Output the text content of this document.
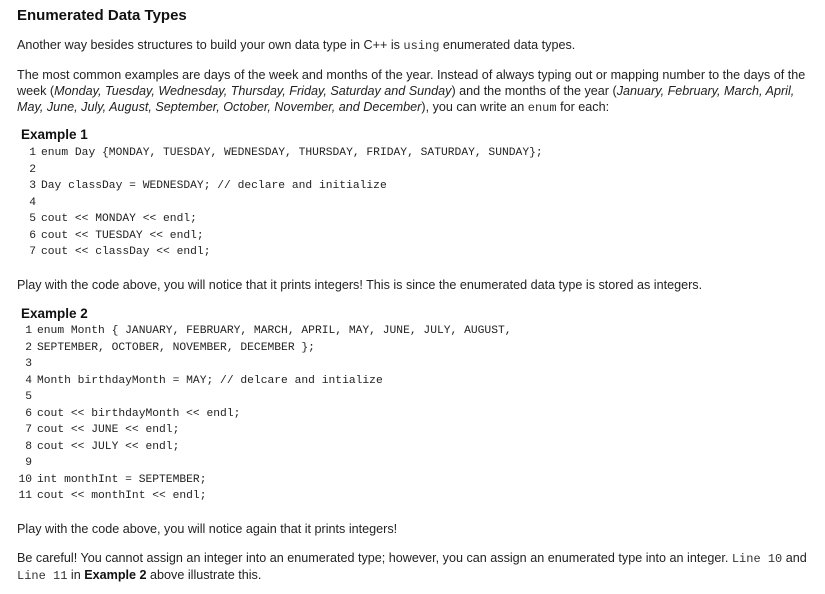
Enumerated Data Types

Another way besides structures to build your own data type in C++ is using enumerated data types.

The most common examples are days of the week and months of the year. Instead of always typing out or mapping number to the days of the week (Monday, Tuesday, Wednesday, Thursday, Friday, Saturday and Sunday) and the months of the year (January, February, March, April, May, June, July, August, September, October, November, and December), you can write an enum for each:

Example 1
1 enum Day {MONDAY, TUESDAY, WEDNESDAY, THURSDAY, FRIDAY, SATURDAY, SUNDAY};
2
3 Day classDay = WEDNESDAY; // declare and initialize
4
5 cout << MONDAY << endl;
6 cout << TUESDAY << endl;
7 cout << classDay << endl;

Play with the code above, you will notice that it prints integers! This is since the enumerated data type is stored as integers.

Example 2
1 enum Month { JANUARY, FEBRUARY, MARCH, APRIL, MAY, JUNE, JULY, AUGUST,
2 SEPTEMBER, OCTOBER, NOVEMBER, DECEMBER };
3
4 Month birthdayMonth = MAY; // delcare and intialize
5
6 cout << birthdayMonth << endl;
7 cout << JUNE << endl;
8 cout << JULY << endl;
9
10 int monthInt = SEPTEMBER;
11 cout << monthInt << endl;

Play with the code above, you will notice again that it prints integers!

Be careful! You cannot assign an integer into an enumerated type; however, you can assign an enumerated type into an integer. Line 10 and Line 11 in Example 2 above illustrate this.
